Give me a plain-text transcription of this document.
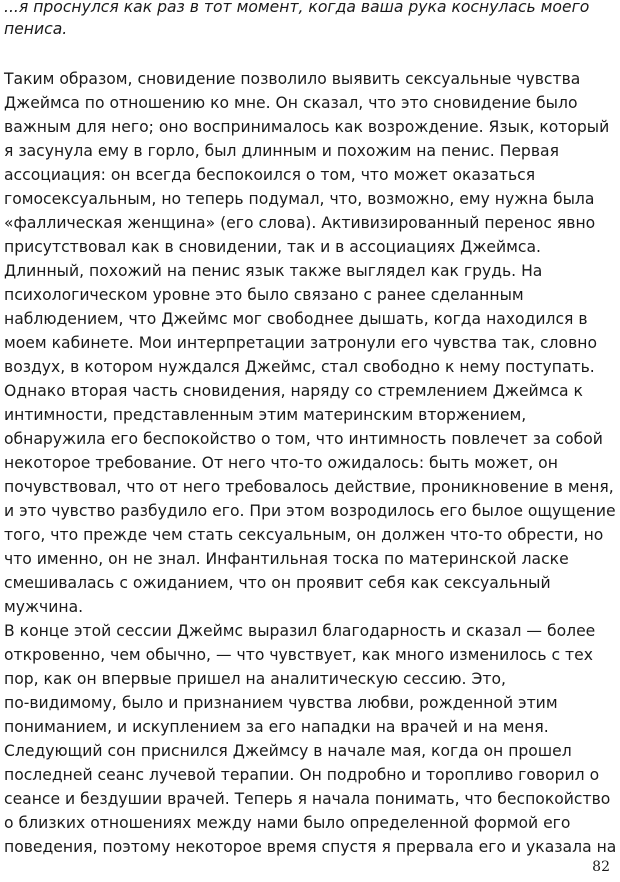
...я проснулся как раз в тот момент, когда ваша рука коснулась моего
пениса.
Таким образом, сновидение позволило выявить сексуальные чувства
Джеймса по отношению ко мне. Он сказал, что это сновидение было
важным для него; оно воспринималось как возрождение. Язык, который
я засунула ему в горло, был длинным и похожим на пенис. Первая
ассоциация: он всегда беспокоился о том, что может оказаться
гомосексуальным, но теперь подумал, что, возможно, ему нужна была
«фаллическая женщина» (его слова). Активизированный перенос явно
присутствовал как в сновидении, так и в ассоциациях Джеймса.
Длинный, похожий на пенис язык также выглядел как грудь. На
психологическом уровне это было связано с ранее сделанным
наблюдением, что Джеймс мог свободнее дышать, когда находился в
моем кабинете. Мои интерпретации затронули его чувства так, словно
воздух, в котором нуждался Джеймс, стал свободно к нему поступать.
Однако вторая часть сновидения, наряду со стремлением Джеймса к
интимности, представленным этим материнским вторжением,
обнаружила его беспокойство о том, что интимность повлечет за собой
некоторое требование. От него что-то ожидалось: быть может, он
почувствовал, что от него требовалось действие, проникновение в меня,
и это чувство разбудило его. При этом возродилось его былое ощущение
того, что прежде чем стать сексуальным, он должен что-то обрести, но
что именно, он не знал. Инфантильная тоска по материнской ласке
смешивалась с ожиданием, что он проявит себя как сексуальный
мужчина.
В конце этой сессии Джеймс выразил благодарность и сказал — более
откровенно, чем обычно, — что чувствует, как много изменилось с тех
пор, как он впервые пришел на аналитическую сессию. Это,
по-видимому, было и признанием чувства любви, рожденной этим
пониманием, и искуплением за его нападки на врачей и на меня.
Следующий сон приснился Джеймсу в начале мая, когда он прошел
последней сеанс лучевой терапии. Он подробно и торопливо говорил о
сеансе и бездушии врачей. Теперь я начала понимать, что беспокойство
о близких отношениях между нами было определенной формой его
поведения, поэтому некоторое время спустя я прервала его и указала на
82
